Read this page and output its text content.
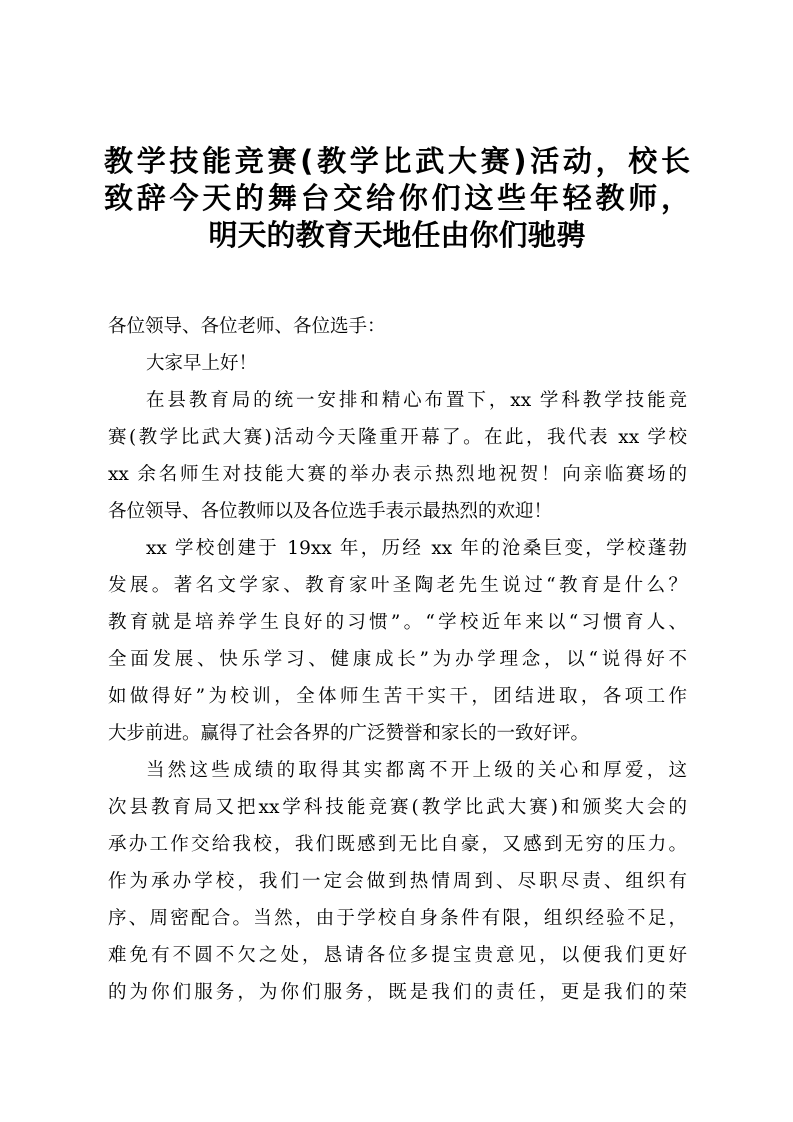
教学技能竞赛(教学比武大赛)活动，校长
致辞今天的舞台交给你们这些年轻教师，
明天的教育天地任由你们驰骋
各位领导、各位老师、各位选手：
大家早上好！
在县教育局的统一安排和精心布置下，xx 学科教学技能竞
赛(教学比武大赛)活动今天隆重开幕了。在此，我代表 xx 学校
xx 余名师生对技能大赛的举办表示热烈地祝贺！向亲临赛场的
各位领导、各位教师以及各位选手表示最热烈的欢迎！
xx 学校创建于 19xx 年，历经 xx 年的沧桑巨变，学校蓬勃
发展。著名文学家、教育家叶圣陶老先生说过“教育是什么？
教育就是培养学生良好的习惯”。“学校近年来以“习惯育人、
全面发展、快乐学习、健康成长”为办学理念，以“说得好不
如做得好”为校训，全体师生苦干实干，团结进取，各项工作
大步前进。赢得了社会各界的广泛赞誉和家长的一致好评。
当然这些成绩的取得其实都离不开上级的关心和厚爱，这
次县教育局又把xx学科技能竞赛(教学比武大赛)和颁奖大会的
承办工作交给我校，我们既感到无比自豪，又感到无穷的压力。
作为承办学校，我们一定会做到热情周到、尽职尽责、组织有
序、周密配合。当然，由于学校自身条件有限，组织经验不足，
难免有不圆不欠之处，恳请各位多提宝贵意见，以便我们更好
的为你们服务，为你们服务，既是我们的责任，更是我们的荣
